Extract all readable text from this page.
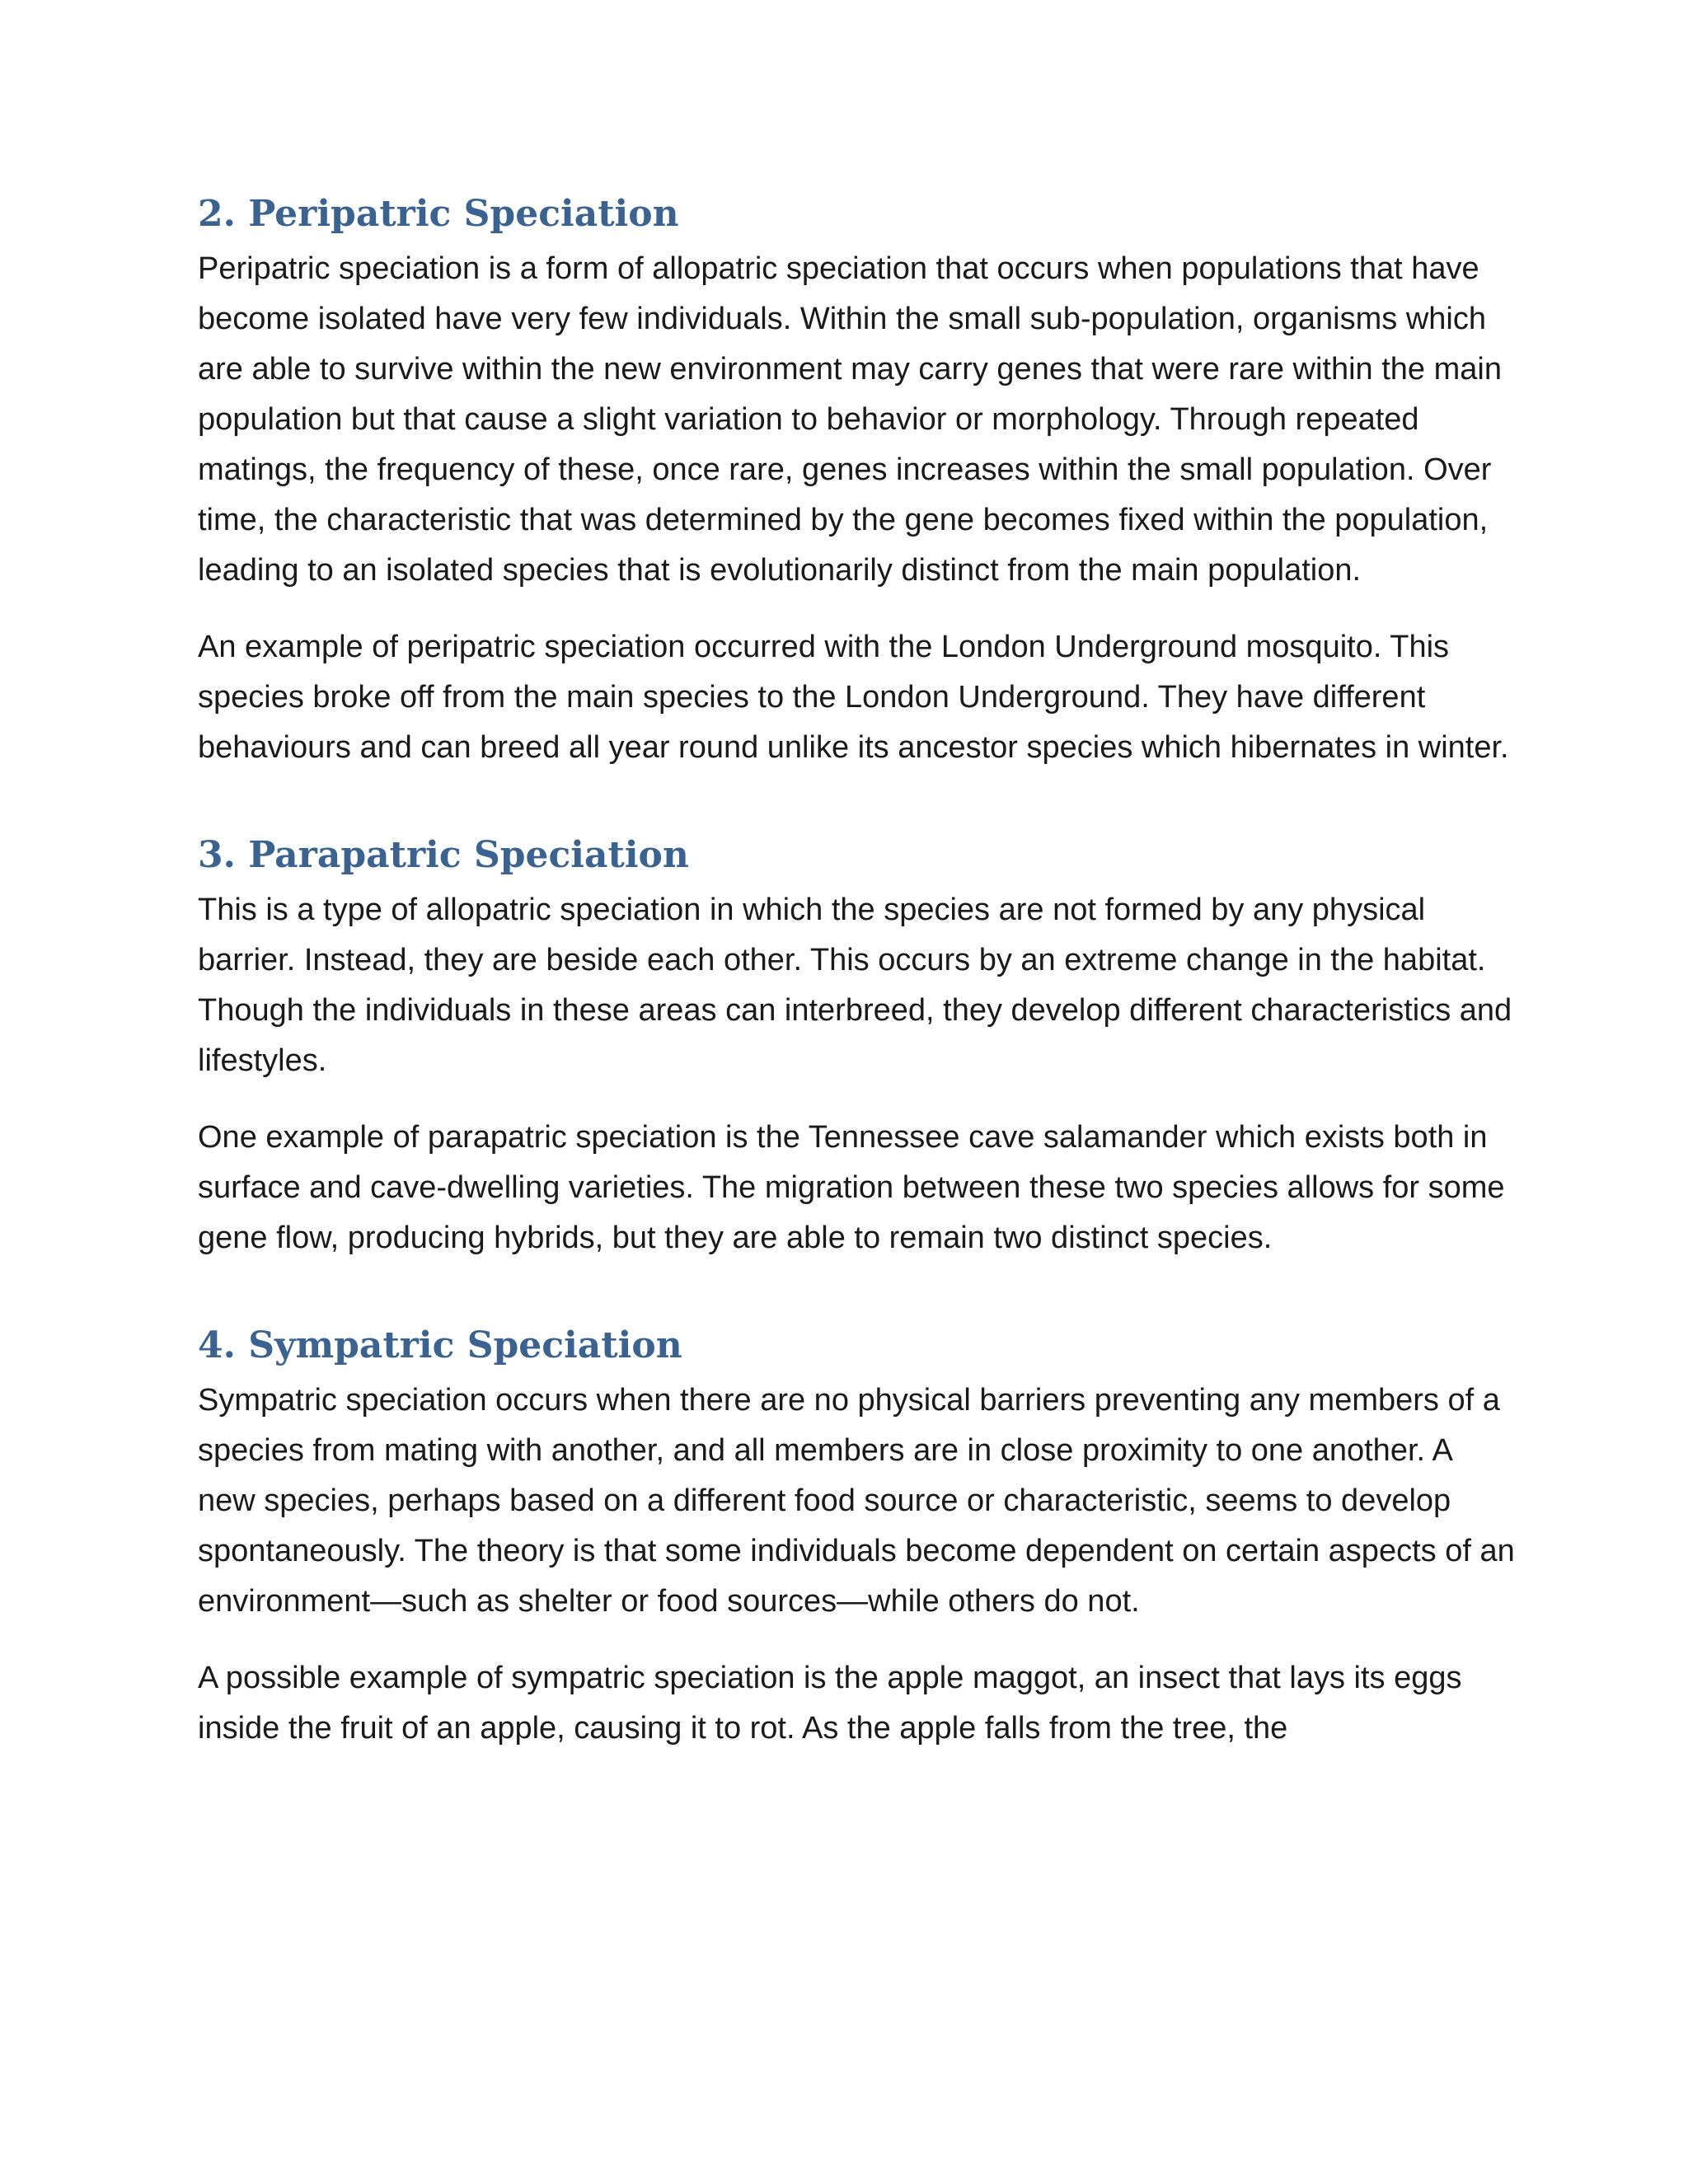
2. Peripatric Speciation

Peripatric speciation is a form of allopatric speciation that occurs when populations that have become isolated have very few individuals. Within the small sub-population, organisms which are able to survive within the new environment may carry genes that were rare within the main population but that cause a slight variation to behavior or morphology. Through repeated matings, the frequency of these, once rare, genes increases within the small population. Over time, the characteristic that was determined by the gene becomes fixed within the population, leading to an isolated species that is evolutionarily distinct from the main population.

An example of peripatric speciation occurred with the London Underground mosquito. This species broke off from the main species to the London Underground. They have different behaviours and can breed all year round unlike its ancestor species which hibernates in winter.

3. Parapatric Speciation

This is a type of allopatric speciation in which the species are not formed by any physical barrier. Instead, they are beside each other. This occurs by an extreme change in the habitat. Though the individuals in these areas can interbreed, they develop different characteristics and lifestyles.

One example of parapatric speciation is the Tennessee cave salamander which exists both in surface and cave-dwelling varieties. The migration between these two species allows for some gene flow, producing hybrids, but they are able to remain two distinct species.

4. Sympatric Speciation

Sympatric speciation occurs when there are no physical barriers preventing any members of a species from mating with another, and all members are in close proximity to one another. A new species, perhaps based on a different food source or characteristic, seems to develop spontaneously. The theory is that some individuals become dependent on certain aspects of an environment—such as shelter or food sources—while others do not.

A possible example of sympatric speciation is the apple maggot, an insect that lays its eggs inside the fruit of an apple, causing it to rot. As the apple falls from the tree, the
